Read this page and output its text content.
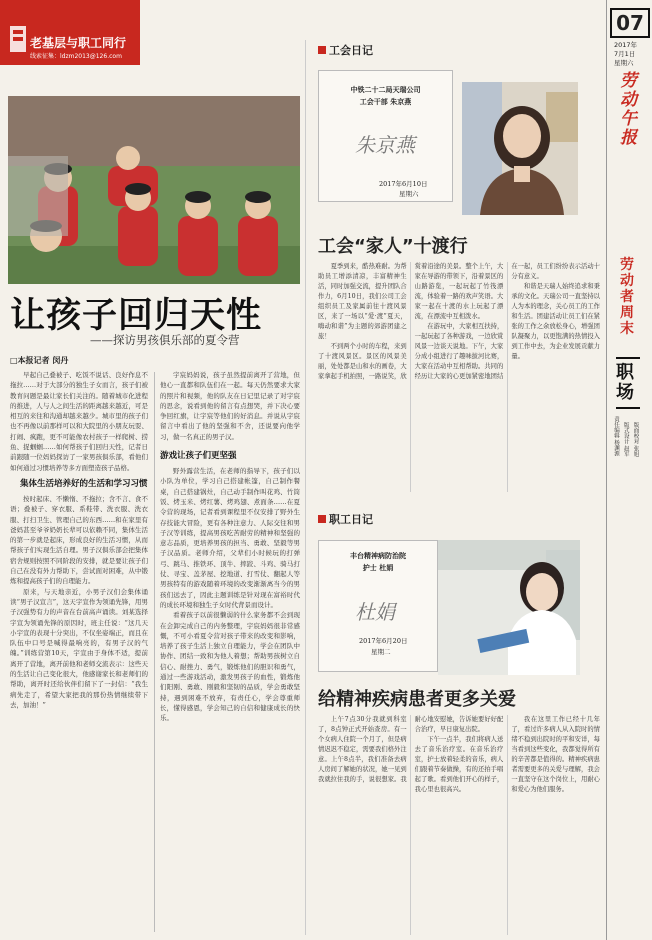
老基层与职工同行
线索征集：ldzm2013@126.com
让孩子回归天性
——探访男孩俱乐部的夏令营
□本报记者 闵丹
早起自己叠被子、吃饭不说话、良好作息不拖拉……对于大部分的独生子女而言，孩子们被教育问题是最让家长们关注的。随着城市化进程的推进，人与人之间生活的距离越来越近，可是相互的来往和沟通却越来越少。城市里的孩子们也不再像以前那样可以和大院里的小朋友玩耍、打闹、疯跑，更不可能像农村孩子一样爬树、捞鱼、捉蝈蝈……如何帮孩子们回归天性，记者日前跟随一位妈妈探访了一家男孩俱乐部，看他们如何通过习惯培养等多方面塑造孩子品格。
集体生活培养好的生活和学习习惯
按时起床、不懒惰、不拖拉；含不言、食不语；叠被子、穿衣服、系鞋带、洗衣服、洗衣服、打扫卫生、管理自己的东西……和在家里有爸妈甚至爷爷奶奶长辈可以依赖不同，集体生活的第一步就是起床，形成良好的生活习惯，从而帮孩子们实现生活自理。男子汉俱乐部会把集体宿舍规则按照不同阶段的安排，就是要让孩子们自己在没有外力帮助下，尝试面对困难，从中锻炼和提高孩子们的自理能力。
原来，与天地亲近，小男子汉们会集体诵读“男子汉宣言”，这天宇宣作为领诵先锋，用男子汉强势有力的声音在台前高声诵读。刘某选择宇宣为领诵先锋的原因时，班主任说：“这几天小宇宣的表现十分突出，不仅坐姿端正，而且在队伍中口号是喊得最响亮的，有男子汉的气魄。”训练营第10天，宇宣由于身体不适，提前离开了营地，离开前他和老师交流表示：这些天的生活让自己变化很大，他感谢家长和老师们的帮助，离开时还给伙伴们留下了一封信：“我生病先走了，希望大家把我的那份热情继续带下去，加油！”
宇宸妈妈说，孩子虽然提前离开了营地，但他心一直都和队伍们在一起。每天仍然要求大家的照片和视频，他的队友在日记里记录了对宇宸的思念，说看到他的留言有点想哭，并下决心要争回红旗，让宇宸等他们的好消息。并说从宇宸留言中看出了他的坚强和不舍，还说要向他学习，做一名真正的男子汉。
游戏让孩子们更坚强
野外露营生活，在老师的指导下，孩子们以小队为单位，学习自己搭建帐篷，自己制作餐桌，自己搭建锅灶，自己动手制作叫花鸡、竹筒饭、烤玉米、烤红薯、烤鸡翅、煮面条……在夏令营的现场，记者看到课程里不仅安排了野外生存技能大冒险，更有各种注意力、人际交往和男子汉等训练，提高男孩吃苦耐劳的精神和坚强的意志品质，更培养男孩的担当、勇敢、坚毅等男子汉品质。老师介绍，父辈们小时候玩的打弹弓、跳马、推铁环、顶牛、摔跤、斗鸡、骑马打仗、寻宝、盖茅屋、挖地道、打雪仗、翻起人等男孩特有的游戏随着环境的改变渐渐离当今的男孩们远去了，因此主题训练是针对现在富裕时代的成长环境和独生子女时代背景而设计。
看着孩子以前很懒弱的什么家务都不会到现在会卸完成自己的内务整理，宇宸妈妈很非常感慨，不可小看夏令营对孩子带来的改变和影响，培养了孩子生活上独立自理能力，学会在团队中协作、团结一致和为他人着想；帮助男孩树立自信心、耐挫力、勇气，锻炼他们的胆识和勇气，通过一些游戏活动，激发男孩子的血性，锻炼他们阳刚、勇敢、刚毅和坚韧的品质，学会勇敢坚持，遇到困难不放弃，有责任心，学会尊重师长，懂得感恩，学会知己的自信和健康成长的快乐。
工会日记
中铁二十二局天瑞公司
工会干部 朱京燕
朱京燕
2017年6月10日
星期六
工会“家人”十渡行
夏季到来，酷热难耐。为帮助员工增添清凉，丰富精神生活，同时加强交流，提升团队合作力，6月10日，我们公司工会组织员工及家属前往十渡风景区，来了一场以“爱·渡”夏天，嗨动和谐”为主题的郊游团建之旅！
不到两个小时的车程，来到了十渡风景区。景区的风景美丽，处处都是山和水的画卷，大家拿起手机拍照，一路说笑，欣赏着沿途的美景。整个上午，大家在导游的带领下，沿着景区的山路游览，一起玩起了竹筏漂流，体验着一路的欢声笑语。大家一起在十渡的水上玩起了漂流，在漂流中互相泼水。
在游玩中，大家相互扶持，一起玩起了各种游戏，一边欣赏风景一边谈天说地。下午，大家分成小组进行了趣味拔河比赛，大家在活动中互相帮助。共同的经历让大家的心更加紧密地团结在一起，员工们纷纷表示活动十分有意义。
和谐是天瑞人始终追求和秉承的文化。天瑞公司一直坚持以人为本的理念，关心员工的工作和生活。团建活动让员工们在紧张的工作之余放松身心，增强团队凝聚力，以更饱满的热情投入到工作中去，为企业发展贡献力量。
职工日记
丰台精神病防治院
护士 杜娟
杜娟
2017年6月20日
星期二
给精神疾病患者更多关爱
上午7点30分我就到科室了，8点钟正式开始查房。有一个女病人住院一个月了，但是病情迟迟不稳定，需要我们格外注意。上午8点半，我们准备去病人房间了解她的状况，她一见到我就拉住我的手，说很想家。我耐心地安慰她，告诉她要好好配合治疗，早日康复出院。
下午一点半，我们将病人送去了音乐治疗室。在音乐治疗室，护士放着轻柔的音乐，病人们跟着节奏做操，有的还拍手唱起了歌。看到他们开心的样子，我心里也很高兴。
我在这里工作已经十几年了，看过许多病人从入院时的情绪不稳到出院时的平和安详，每当看到这些变化，我都觉得所有的辛苦都是值得的。精神疾病患者需要更多的关爱与理解，我会一直坚守在这个岗位上，用耐心和爱心为他们服务。
07
2017年
7月1日
星期六
劳动午报
劳动者周末
职场
责任编辑 杨渊源 版式设计 赵军 版面校对 张旭
